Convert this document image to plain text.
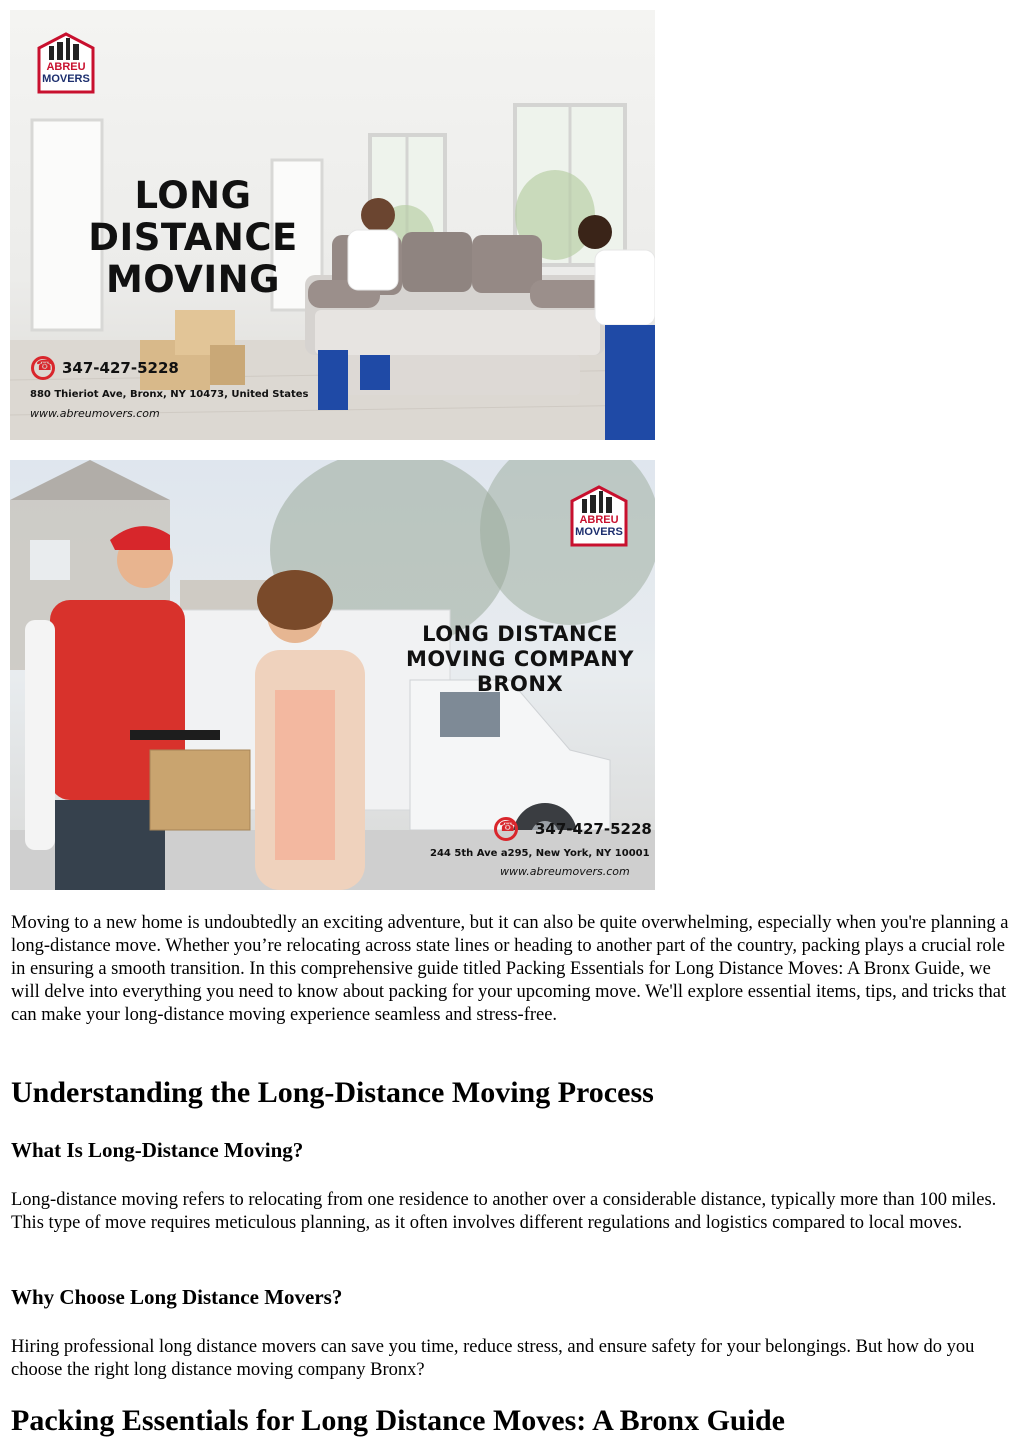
ABREU
MOVERS
LONG
DISTANCE
MOVING
☎
347-427-5228
880 Thieriot Ave, Bronx, NY 10473, United States
www.abreumovers.com
ABREU
MOVERS
LONG DISTANCE
MOVING COMPANY
BRONX
☎
347-427-5228
244 5th Ave a295, New York, NY 10001
www.abreumovers.com

Moving to a new home is undoubtedly an exciting adventure, but it can also be quite overwhelming, especially when you're planning a long-distance move. Whether you’re relocating across state lines or heading to another part of the country, packing plays a crucial role in ensuring a smooth transition. In this comprehensive guide titled Packing Essentials for Long Distance Moves: A Bronx Guide, we will delve into everything you need to know about packing for your upcoming move. We'll explore essential items, tips, and tricks that can make your long-distance moving experience seamless and stress-free.

Understanding the Long-Distance Moving Process
What Is Long-Distance Moving?

Long-distance moving refers to relocating from one residence to another over a considerable distance, typically more than 100 miles. This type of move requires meticulous planning, as it often involves different regulations and logistics compared to local moves.

Why Choose Long Distance Movers?

Hiring professional long distance movers can save you time, reduce stress, and ensure safety for your belongings. But how do you choose the right long distance moving company Bronx?

Packing Essentials for Long Distance Moves: A Bronx Guide
